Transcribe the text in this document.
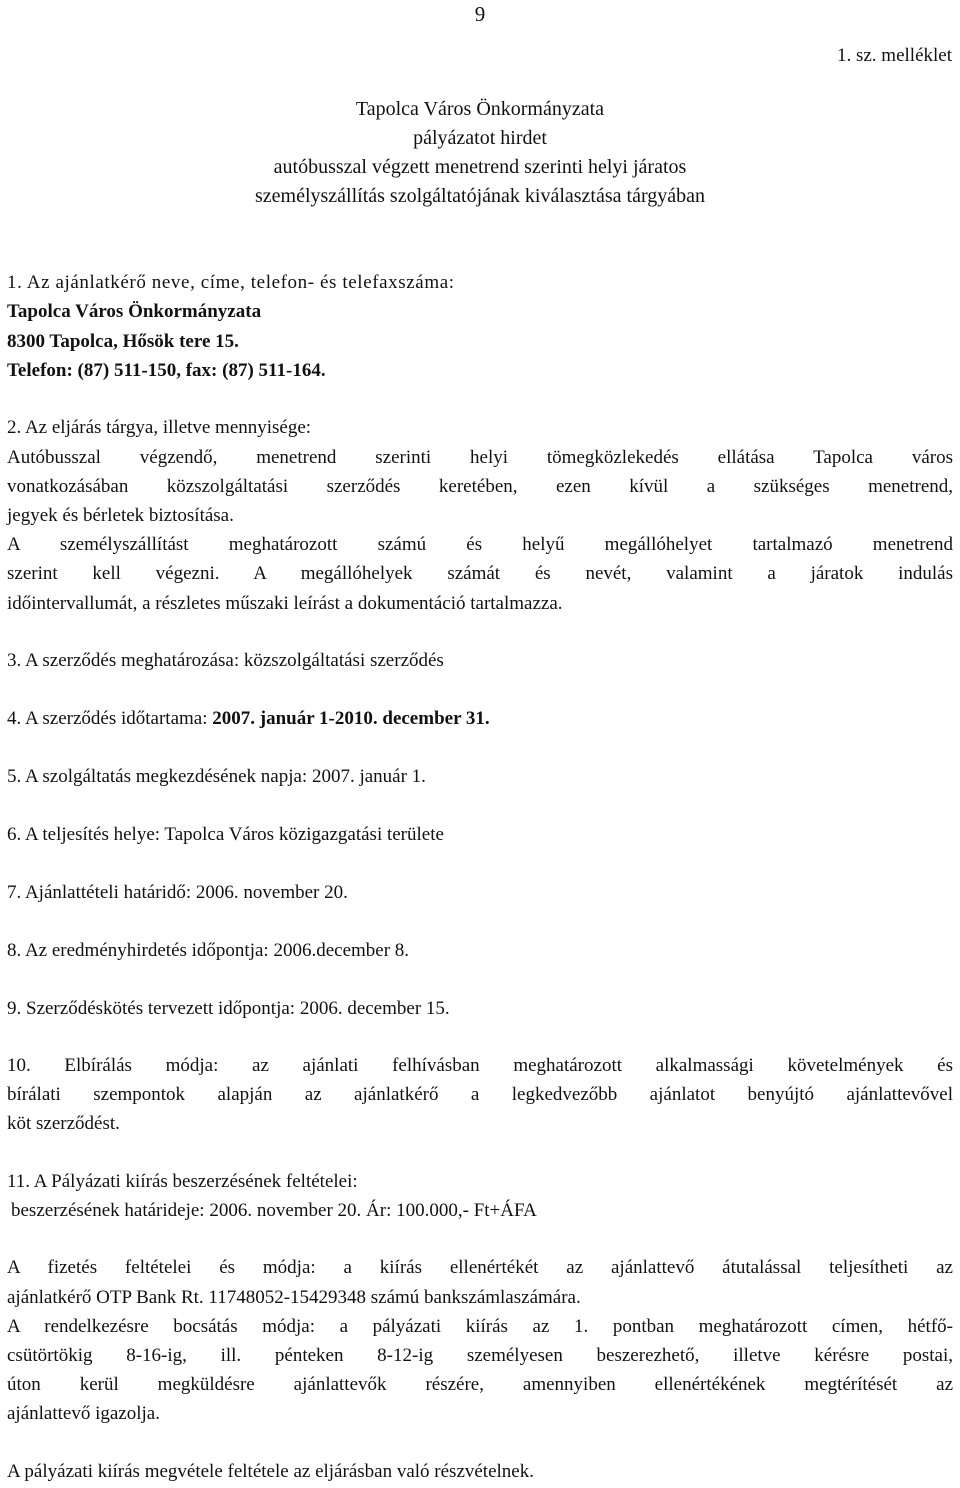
9
1. sz. melléklet
Tapolca Város Önkormányzata
pályázatot hirdet
autóbusszal végzett menetrend szerinti helyi járatos
személyszállítás szolgáltatójának kiválasztása tárgyában
1. Az ajánlatkérő neve, címe, telefon- és telefaxszáma:
Tapolca Város Önkormányzata
8300 Tapolca, Hősök tere 15.
Telefon: (87) 511-150, fax: (87) 511-164.
2. Az eljárás tárgya, illetve mennyisége:
Autóbusszal végzendő, menetrend szerinti helyi tömegközlekedés ellátása Tapolca város
vonatkozásában közszolgáltatási szerződés keretében, ezen kívül a szükséges menetrend,
jegyek és bérletek biztosítása.
A személyszállítást meghatározott számú és helyű megállóhelyet tartalmazó menetrend
szerint kell végezni. A megállóhelyek számát és nevét, valamint a járatok indulás
időintervallumát, a részletes műszaki leírást a dokumentáció tartalmazza.
3. A szerződés meghatározása: közszolgáltatási szerződés
4. A szerződés időtartama: 2007. január 1-2010. december 31.
5. A szolgáltatás megkezdésének napja: 2007. január 1.
6. A teljesítés helye: Tapolca Város közigazgatási területe
7. Ajánlattételi határidő: 2006. november 20.
8. Az eredményhirdetés időpontja: 2006.december 8.
9. Szerződéskötés tervezett időpontja: 2006. december 15.
10. Elbírálás módja: az ajánlati felhívásban meghatározott alkalmassági követelmények és
bírálati szempontok alapján az ajánlatkérő a legkedvezőbb ajánlatot benyújtó ajánlattevővel
köt szerződést.
11. A Pályázati kiírás beszerzésének feltételei:
beszerzésének határideje: 2006. november 20. Ár: 100.000,- Ft+ÁFA
A fizetés feltételei és módja: a kiírás ellenértékét az ajánlattevő átutalással teljesítheti az
ajánlatkérő OTP Bank Rt. 11748052-15429348 számú bankszámlaszámára.
A rendelkezésre bocsátás módja: a pályázati kiírás az 1. pontban meghatározott címen, hétfő-
csütörtökig 8-16-ig, ill. pénteken 8-12-ig személyesen beszerezhető, illetve kérésre postai,
úton kerül megküldésre ajánlattevők részére, amennyiben ellenértékének megtérítését az
ajánlattevő igazolja.
A pályázati kiírás megvétele feltétele az eljárásban való részvételnek.
